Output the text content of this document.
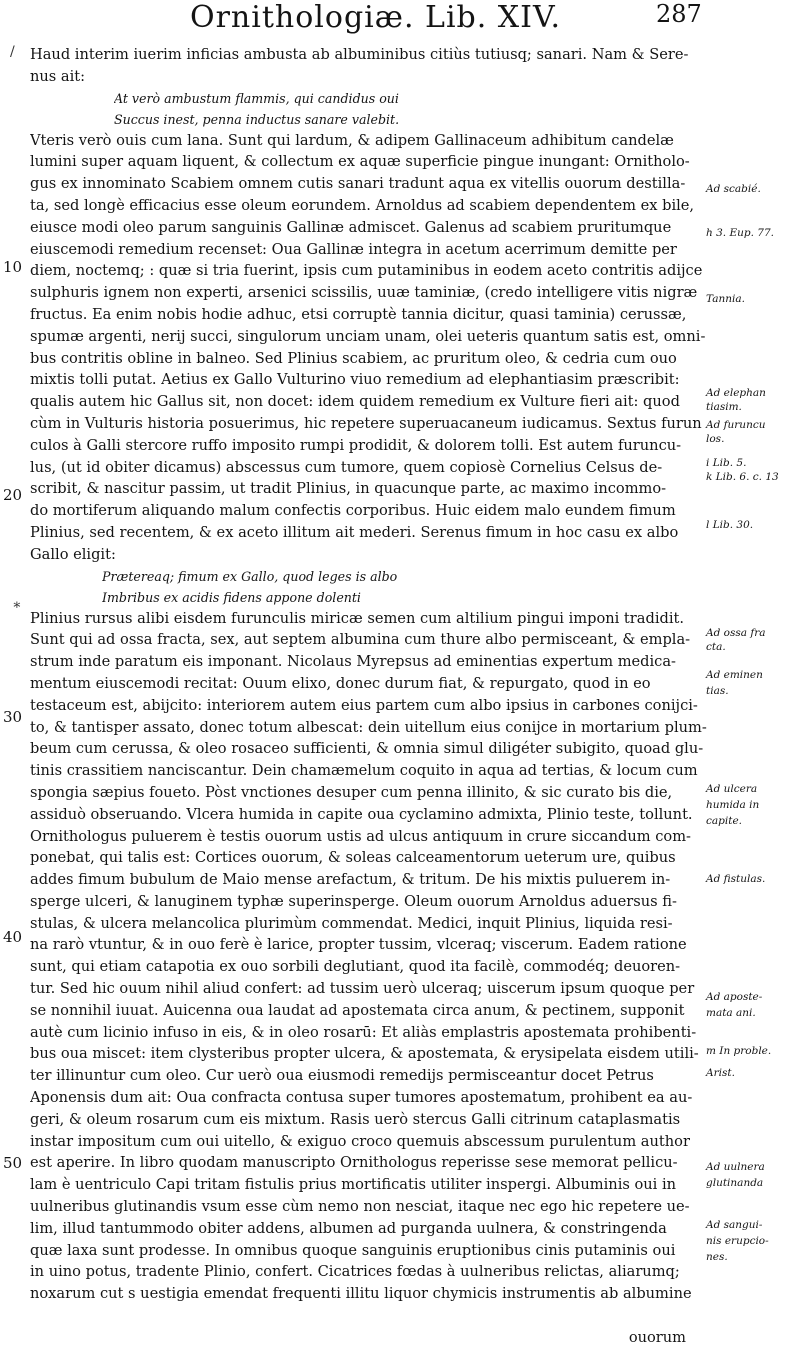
Ornithologiæ. Lib. XIV.	287
/
∗
Haud interim iuerim inficias ambusta ab albuminibus citiùs tutiusq; sanari. Nam & Sere-
nus ait:
At verò ambustum flammis, qui candidus oui
Succus inest, penna inductus sanare valebit.
Vteris verò ouis cum lana. Sunt qui lardum, & adipem Gallinaceum adhibitum candelæ
lumini super aquam liquent, & collectum ex aquæ superficie pingue inungant: Ornitholo-
gus ex innominato Scabiem omnem cutis sanari tradunt aqua ex vitellis ouorum destilla-
ta, sed longè efficacius esse oleum eorundem. Arnoldus ad scabiem dependentem ex bile,
eiusce modi oleo parum sanguinis Gallinæ admiscet. Galenus ad scabiem pruritumque
eiuscemodi remedium recenset: Oua Gallinæ integra in acetum acerrimum demitte per
diem, noctemq; : quæ si tria fuerint, ipsis cum putaminibus in eodem aceto contritis adijce
sulphuris ignem non experti, arsenici scissilis, uuæ taminiæ, (credo intelligere vitis nigræ
fructus. Ea enim nobis hodie adhuc, etsi corruptè tannia dicitur, quasi taminia) cerussæ,
spumæ argenti, nerij succi, singulorum unciam unam, olei ueteris quantum satis est, omni-
bus contritis obline in balneo. Sed Plinius scabiem, ac pruritum oleo, & cedria cum ouo
mixtis tolli putat. Aetius ex Gallo Vulturino viuo remedium ad elephantiasim præscribit:
qualis autem hic Gallus sit, non docet: idem quidem remedium ex Vulture fieri ait: quod
cùm in Vulturis historia posuerimus, hic repetere superuacaneum iudicamus. Sextus furun
culos à Galli stercore ruffo imposito rumpi prodidit, & dolorem tolli. Est autem furuncu-
lus, (ut id obiter dicamus) abscessus cum tumore, quem copiosè Cornelius Celsus de-
scribit, & nascitur passim, ut tradit Plinius, in quacunque parte, ac maximo incommo-
do mortiferum aliquando malum confectis corporibus. Huic eidem malo eundem fimum
Plinius, sed recentem, & ex aceto illitum ait mederi. Serenus fimum in hoc casu ex albo
Gallo eligit:
Prætereaq; fimum ex Gallo, quod leges is albo
Imbribus ex acidis fidens appone dolenti
Plinius rursus alibi eisdem furunculis miricæ semen cum altilium pingui imponi tradidit.
Sunt qui ad ossa fracta, sex, aut septem albumina cum thure albo permisceant, & empla-
strum inde paratum eis imponant. Nicolaus Myrepsus ad eminentias expertum medica-
mentum eiuscemodi recitat: Ouum elixo, donec durum fiat, & repurgato, quod in eo
testaceum est, abijcito: interiorem autem eius partem cum albo ipsius in carbones conijci-
to, & tantisper assato, donec totum albescat: dein uitellum eius conijce in mortarium plum-
beum cum cerussa, & oleo rosaceo sufficienti, & omnia simul diligéter subigito, quoad glu-
tinis crassitiem nanciscantur. Dein chamæmelum coquito in aqua ad tertias, & locum cum
spongia sæpius foueto. Pòst vnctiones desuper cum penna illinito, & sic curato bis die,
assiduò obseruando. Vlcera humida in capite oua cyclamino admixta, Plinio teste, tollunt.
Ornithologus puluerem è testis ouorum ustis ad ulcus antiquum in crure siccandum com-
ponebat, qui talis est: Cortices ouorum, & soleas calceamentorum ueterum ure, quibus
addes fimum bubulum de Maio mense arefactum, & tritum. De his mixtis puluerem in-
sperge ulceri, & lanuginem typhæ superinsperge. Oleum ouorum Arnoldus aduersus fi-
stulas, & ulcera melancolica plurimùm commendat. Medici, inquit Plinius, liquida resi-
na rarò vtuntur, & in ouo ferè è larice, propter tussim, vlceraq; viscerum. Eadem ratione
sunt, qui etiam catapotia ex ouo sorbili deglutiant, quod ita facilè, commodéq; deuoren-
tur. Sed hic ouum nihil aliud confert: ad tussim uerò ulceraq; uiscerum ipsum quoque per
se nonnihil iuuat. Auicenna oua laudat ad apostemata circa anum, & pectinem, supponit
autè cum licinio infuso in eis, & in oleo rosarū: Et aliàs emplastris apostemata prohibenti-
bus oua miscet: item clysteribus propter ulcera, & apostemata, & erysipelata eisdem utili-
ter illinuntur cum oleo. Cur uerò oua eiusmodi remedijs permisceantur docet Petrus
Aponensis dum ait: Oua confracta contusa super tumores apostematum, prohibent ea au-
geri, & oleum rosarum cum eis mixtum. Rasis uerò stercus Galli citrinum cataplasmatis
instar impositum cum oui uitello, & exiguo croco quemuis abscessum purulentum author
est aperire. In libro quodam manuscripto Ornithologus reperisse sese memorat pellicu-
lam è uentriculo Capi tritam fistulis prius mortificatis utiliter inspergi. Albuminis oui in
uulneribus glutinandis vsum esse cùm nemo non nesciat, itaque nec ego hic repetere ue-
lim, illud tantummodo obiter addens, albumen ad purganda uulnera, & constringenda
quæ laxa sunt prodesse. In omnibus quoque sanguinis eruptionibus cinis putaminis oui
in uino potus, tradente Plinio, confert. Cicatrices fœdas à uulneribus relictas, aliarumq;
noxarum cut s uestigia emendat frequenti illitu liquor chymicis instrumentis ab albumine
ouorum
10
20
30
40
50
Ad scabié.
h 3. Eup. 77.
Tannia.
Ad elephan
tiasim.
Ad furuncu
los.
i Lib. 5.
k Lib. 6. c. 13
l Lib. 30.
Ad ossa fra
cta.
Ad eminen
tias.
Ad ulcera
humida in
capite.
Ad fistulas.
Ad aposte-
mata ani.
m In proble.
Arist.
Ad uulnera
glutinanda
Ad sangui-
nis erupcio-
nes.
